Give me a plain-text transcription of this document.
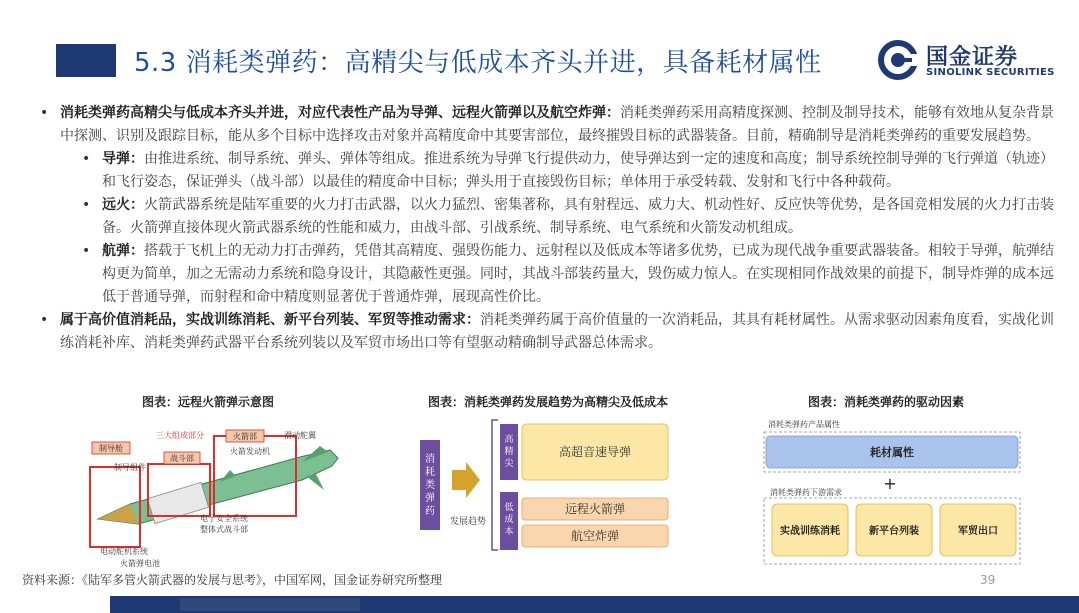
5.3 消耗类弹药：高精尖与低成本齐头并进，具备耗材属性	国金证券
SINOLINK SECURITIES

• 消耗类弹药高精尖与低成本齐头并进，对应代表性产品为导弹、远程火箭弹以及航空炸弹：消耗类弹药采用高精度探测、控制及制导技术，能够有效地从复杂背景中探测、识别及跟踪目标，能从多个目标中选择攻击对象并高精度命中其要害部位，最终摧毁目标的武器装备。目前，精确制导是消耗类弹药的重要发展趋势。

• 导弹：由推进系统、制导系统、弹头、弹体等组成。推进系统为导弹飞行提供动力，使导弹达到一定的速度和高度；制导系统控制导弹的飞行弹道（轨迹）和飞行姿态，保证弹头（战斗部）以最佳的精度命中目标；弹头用于直接毁伤目标；单体用于承受转载、发射和飞行中各种载荷。

• 远火：火箭武器系统是陆军重要的火力打击武器，以火力猛烈、密集著称，具有射程远、威力大、机动性好、反应快等优势，是各国竞相发展的火力打击装备。火箭弹直接体现火箭武器系统的性能和威力，由战斗部、引战系统、制导系统、电气系统和火箭发动机组成。

• 航弹：搭载于飞机上的无动力打击弹药，凭借其高精度、强毁伤能力、远射程以及低成本等诸多优势，已成为现代战争重要武器装备。相较于导弹，航弹结构更为简单，加之无需动力系统和隐身设计，其隐蔽性更强。同时，其战斗部装药量大，毁伤威力惊人。在实现相同作战效果的前提下，制导炸弹的成本远低于普通导弹，而射程和命中精度则显著优于普通炸弹，展现高性价比。

• 属于高价值消耗品，实战训练消耗、新平台列装、军贸等推动需求：消耗类弹药属于高价值量的一次消耗品，其具有耗材属性。从需求驱动因素角度看，实战化训练消耗补库、消耗类弹药武器平台系统列装以及军贸市场出口等有望驱动精确制导武器总体需求。

图表：远程火箭弹示意图
制导舱
三大组成部分	火箭部	滑动舵翼
战斗部
制导组件
火箭发动机
电子安全系统
整体式战斗部
电动舵机系统
火箭弹电池
图表：消耗类弹药发展趋势为高精尖及低成本
消耗类弹药
发展趋势
高精尖
低成本
高超音速导弹
远程火箭弹
航空炸弹
图表：消耗类弹药的驱动因素
消耗类弹药产品属性
耗材属性
+
消耗类弹药下游需求
实战训练消耗	新平台列装	军贸出口
资料来源：《陆军多管火箭武器的发展与思考》，中国军网，国金证券研究所整理	39
